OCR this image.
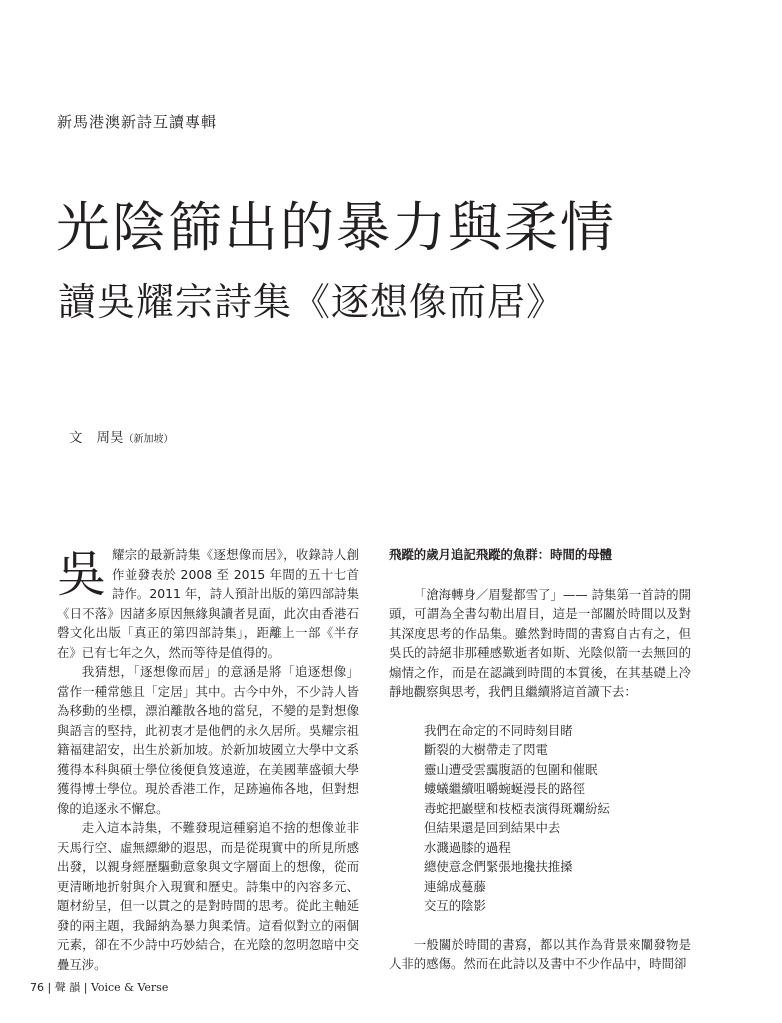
新馬港澳新詩互讀專輯
光陰篩出的暴力與柔情
讀吳耀宗詩集《逐想像而居》
文 周昊（新加坡）

吳耀宗的最新詩集《逐想像而居》，收錄詩人創作並發表於 2008 至 2015 年間的五十七首詩作。2011 年，詩人預計出版的第四部詩集《日不落》因諸多原因無緣與讀者見面，此次由香港石磬文化出版「真正的第四部詩集」，距離上一部《半存在》已有七年之久，然而等待是值得的。

我猜想，「逐想像而居」的意涵是將「追逐想像」當作一種常態且「定居」其中。古今中外，不少詩人皆為移動的坐標，漂泊離散各地的當兒，不變的是對想像與語言的堅持，此初衷才是他們的永久居所。吳耀宗祖籍福建詔安，出生於新加坡。於新加坡國立大學中文系獲得本科與碩士學位後便負笈遠遊，在美國華盛頓大學獲得博士學位。現於香港工作，足跡遍佈各地，但對想像的追逐永不懈怠。

走入這本詩集，不難發現這種窮追不捨的想像並非天馬行空、虛無縹緲的遐思，而是從現實中的所見所感出發，以親身經歷驅動意象與文字層面上的想像，從而更清晰地折射與介入現實和歷史。詩集中的內容多元、題材紛呈，但一以貫之的是對時間的思考。從此主軸延發的兩主題，我歸納為暴力與柔情。這看似對立的兩個元素，卻在不少詩中巧妙結合，在光陰的忽明忽暗中交疊互涉。

飛蹤的歲月追記飛蹤的魚群：時間的母體

「滄海轉身／眉髮都雪了」—— 詩集第一首詩的開頭，可謂為全書勾勒出眉目，這是一部關於時間以及對其深度思考的作品集。雖然對時間的書寫自古有之，但吳氏的詩絕非那種感歎逝者如斯、光陰似箭一去無回的煽情之作，而是在認識到時間的本質後，在其基礎上冷靜地觀察與思考，我們且繼續將這首讀下去：

我們在命定的不同時刻目睹
斷裂的大樹帶走了閃電
靈山遭受雲靄腹語的包圍和催眠
螻蟻繼續咀嚼蜿蜒漫長的路徑
毒蛇把巖壁和枝椏表演得斑斕紛紜
但結果還是回到結果中去
水濺過膝的過程
總使意念們緊張地攙扶推搡
連綿成蔓藤
交互的陰影

一般關於時間的書寫，都以其作為背景來闡發物是人非的感傷。然而在此詩以及書中不少作品中，時間卻

76 | 聲 韻 | Voice & Verse
